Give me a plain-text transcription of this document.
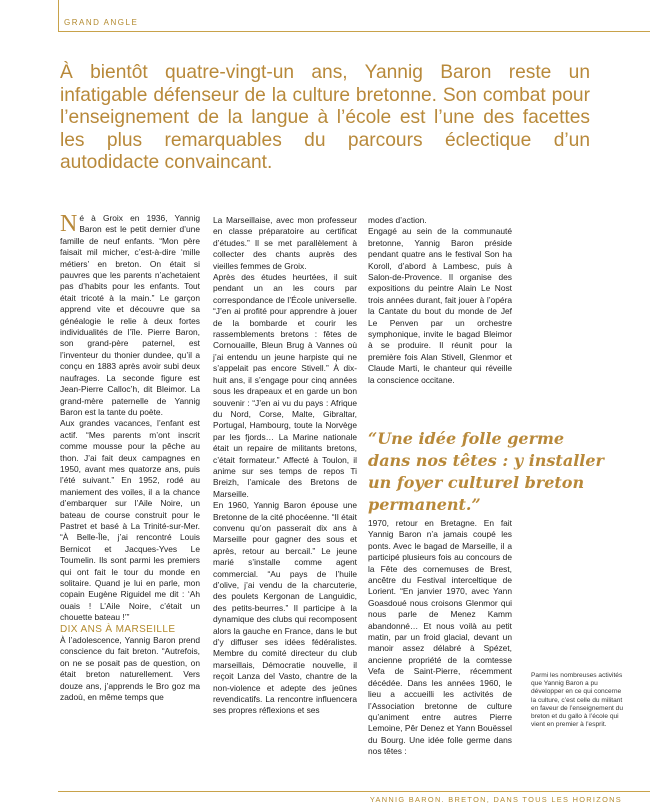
GRAND ANGLE

À bientôt quatre-vingt-un ans, Yannig Baron reste un infatigable défenseur de la culture bretonne. Son combat pour l’enseignement de la langue à l’école est l’une des facettes les plus remarquables du parcours éclectique d’un autodidacte convaincant.

Né à Groix en 1936, Yannig Baron est le petit dernier d’une famille de neuf enfants. “Mon père faisait mil micher, c’est-à-dire ‘mille métiers’ en breton. On était si pauvres que les parents n’achetaient pas d’habits pour les enfants. Tout était tricoté à la main.” Le garçon apprend vite et découvre que sa généalogie le relie à deux fortes individualités de l’île. Pierre Baron, son grand-père paternel, est l’inventeur du thonier dundee, qu’il a conçu en 1883 après avoir subi deux naufrages. La seconde figure est Jean-Pierre Calloc’h, dit Bleimor. La grand-mère paternelle de Yannig Baron est la tante du poète.

Aux grandes vacances, l’enfant est actif. “Mes parents m’ont inscrit comme mousse pour la pêche au thon. J’ai fait deux campagnes en 1950, avant mes quatorze ans, puis l’été suivant.” En 1952, rodé au maniement des voiles, il a la chance d’embarquer sur l’Aile Noire, un bateau de course construit pour le Pastret et basé à La Trinité-sur-Mer. “À Belle-Île, j’ai rencontré Louis Bernicot et Jacques-Yves Le Toumelin. Ils sont parmi les premiers qui ont fait le tour du monde en solitaire. Quand je lui en parle, mon copain Eugène Riguidel me dit : ‘Ah ouais ! L’Aile Noire, c’était un chouette bateau !’”

DIX ANS À MARSEILLE

À l’adolescence, Yannig Baron prend conscience du fait breton. “Autrefois, on ne se posait pas de question, on était breton naturellement. Vers douze ans, j’apprends le Bro goz ma zadoù, en même temps que

La Marseillaise, avec mon professeur en classe préparatoire au certificat d’études.” Il se met parallèlement à collecter des chants auprès des vieilles femmes de Groix.

Après des études heurtées, il suit pendant un an les cours par correspondance de l’École universelle. “J’en ai profité pour apprendre à jouer de la bombarde et courir les rassemblements bretons : fêtes de Cornouaille, Bleun Brug à Vannes où j’ai entendu un jeune harpiste qui ne s’appelait pas encore Stivell.” À dix-huit ans, il s’engage pour cinq années sous les drapeaux et en garde un bon souvenir : “J’en ai vu du pays : Afrique du Nord, Corse, Malte, Gibraltar, Portugal, Hambourg, toute la Norvège par les fjords… La Marine nationale était un repaire de militants bretons, c’était formateur.” Affecté à Toulon, il anime sur ses temps de repos Ti Breizh, l’amicale des Bretons de Marseille.

En 1960, Yannig Baron épouse une Bretonne de la cité phocéenne. “Il était convenu qu’on passerait dix ans à Marseille pour gagner des sous et après, retour au bercail.” Le jeune marié s’installe comme agent commercial. “Au pays de l’huile d’olive, j’ai vendu de la charcuterie, des poulets Kergonan de Languidic, des petits-beurres.” Il participe à la dynamique des clubs qui recomposent alors la gauche en France, dans le but d’y diffuser ses idées fédéralistes. Membre du comité directeur du club marseillais, Démocratie nouvelle, il reçoit Lanza del Vasto, chantre de la non-violence et adepte des jeûnes revendicatifs. La rencontre influencera ses propres réflexions et ses

modes d’action.

Engagé au sein de la communauté bretonne, Yannig Baron préside pendant quatre ans le festival Son ha Koroll, d’abord à Lambesc, puis à Salon-de-Provence. Il organise des expositions du peintre Alain Le Nost trois années durant, fait jouer à l’opéra la Cantate du bout du monde de Jef Le Penven par un orchestre symphonique, invite le bagad Bleimor à se produire. Il réunit pour la première fois Alan Stivell, Glenmor et Claude Marti, le chanteur qui réveille la conscience occitane.

“Une idée folle germe dans nos têtes : y installer un foyer culturel breton permanent.”

1970, retour en Bretagne. En fait Yannig Baron n’a jamais coupé les ponts. Avec le bagad de Marseille, il a participé plusieurs fois au concours de la Fête des cornemuses de Brest, ancêtre du Festival interceltique de Lorient. “En janvier 1970, avec Yann Goasdoué nous croisons Glenmor qui nous parle de Menez Kamm abandonné… Et nous voilà au petit matin, par un froid glacial, devant un manoir assez délabré à Spézet, ancienne propriété de la comtesse Vefa de Saint-Pierre, récemment décédée. Dans les années 1960, le lieu a accueilli les activités de l’Association bretonne de culture qu’animent entre autres Pierre Lemoine, Pêr Denez et Yann Bouëssel du Bourg. Une idée folle germe dans nos têtes :

Parmi les nombreuses activités que Yannig Baron a pu développer en ce qui concerne la culture, c’est celle du militant en faveur de l’enseignement du breton et du gallo à l’école qui vient en premier à l’esprit.

YANNIG BARON. BRETON, DANS TOUS LES HORIZONS
